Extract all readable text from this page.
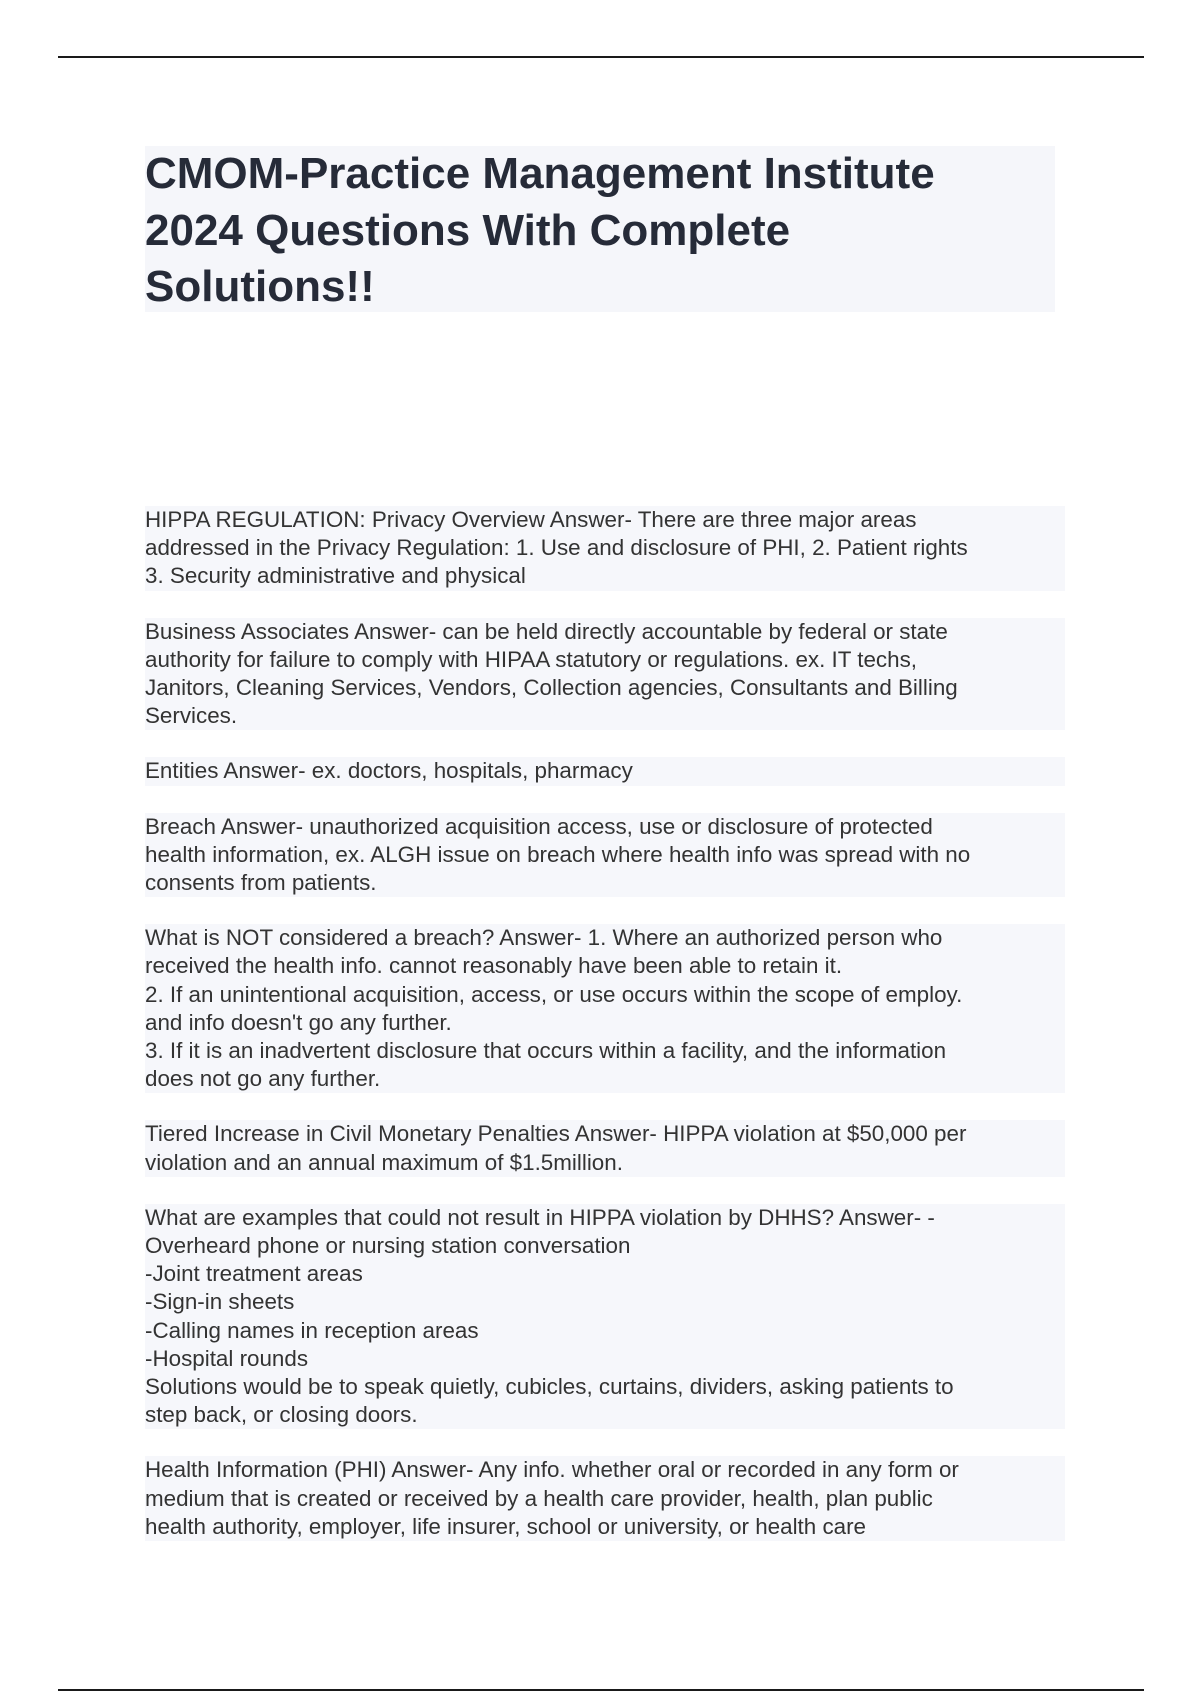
CMOM-Practice Management Institute
2024 Questions With Complete
Solutions!!
HIPPA REGULATION: Privacy Overview Answer- There are three major areas
addressed in the Privacy Regulation: 1. Use and disclosure of PHI, 2. Patient rights
3. Security administrative and physical
Business Associates Answer- can be held directly accountable by federal or state
authority for failure to comply with HIPAA statutory or regulations. ex. IT techs,
Janitors, Cleaning Services, Vendors, Collection agencies, Consultants and Billing
Services.
Entities Answer- ex. doctors, hospitals, pharmacy
Breach Answer- unauthorized acquisition access, use or disclosure of protected
health information, ex. ALGH issue on breach where health info was spread with no
consents from patients.
What is NOT considered a breach? Answer- 1. Where an authorized person who
received the health info. cannot reasonably have been able to retain it.
2. If an unintentional acquisition, access, or use occurs within the scope of employ.
and info doesn't go any further.
3. If it is an inadvertent disclosure that occurs within a facility, and the information
does not go any further.
Tiered Increase in Civil Monetary Penalties Answer- HIPPA violation at $50,000 per
violation and an annual maximum of $1.5million.
What are examples that could not result in HIPPA violation by DHHS? Answer- -
Overheard phone or nursing station conversation
-Joint treatment areas
-Sign-in sheets
-Calling names in reception areas
-Hospital rounds
Solutions would be to speak quietly, cubicles, curtains, dividers, asking patients to
step back, or closing doors.
Health Information (PHI) Answer- Any info. whether oral or recorded in any form or
medium that is created or received by a health care provider, health, plan public
health authority, employer, life insurer, school or university, or health care
